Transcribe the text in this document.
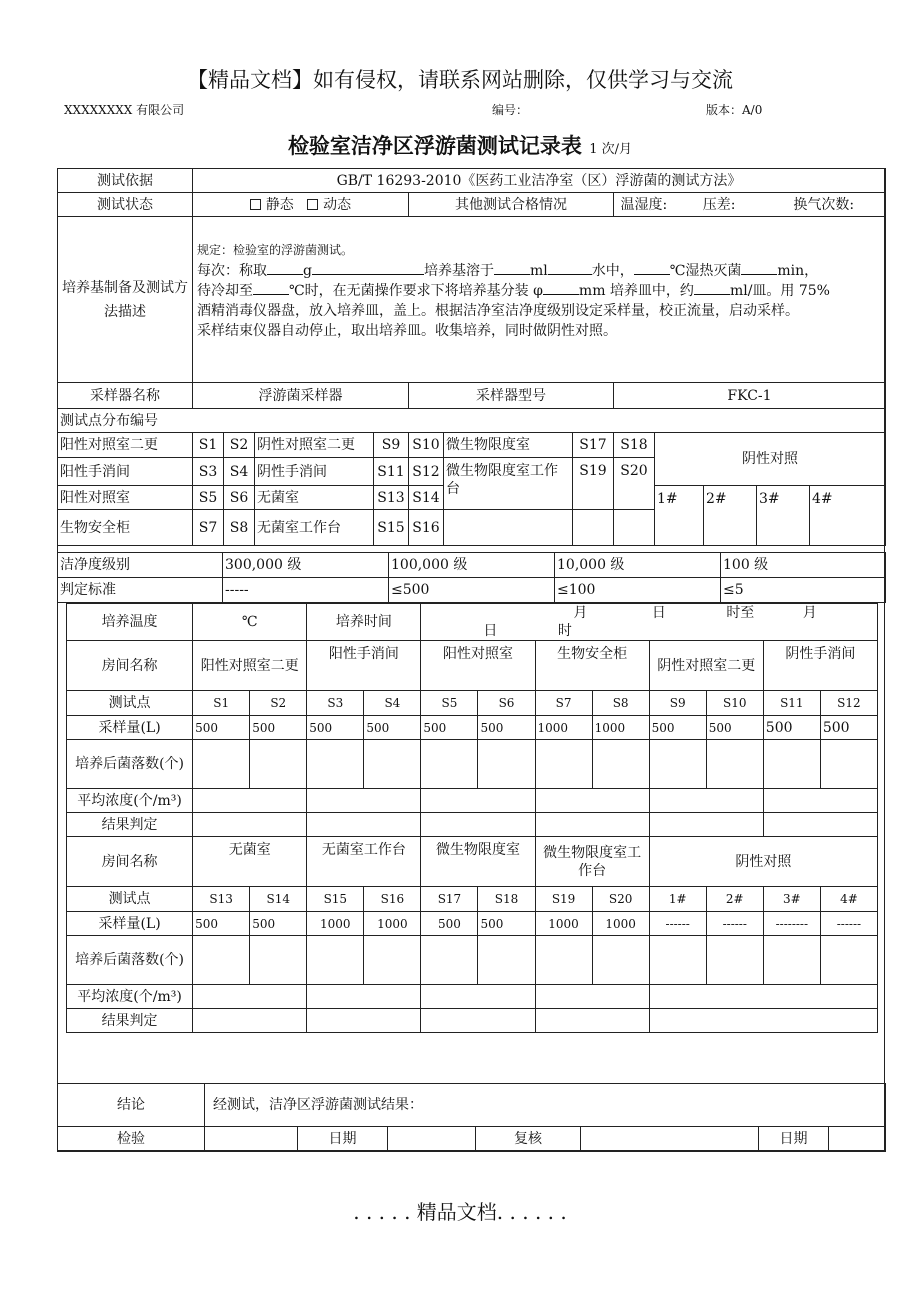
【精品文档】如有侵权，请联系网站删除，仅供学习与交流
XXXXXXXX 有限公司	编号：	版本：A/0
检验室洁净区浮游菌测试记录表 1 次/月
测试依据	GB/T 16293-2010《医药工业洁净室（区）浮游菌的测试方法》											
测试状态	静态 动态				其他测试合格情况			温湿度: 压差: 换气次数:				
培养基制备及测试方法描述	规定：检验室的浮游菌测试。
每次：称取 g 培养基溶于 ml 水中， ℃湿热灭菌 min，
待冷却至 ℃时，在无菌操作要求下将培养基分装 φ mm 培养皿中，约 ml/皿。用 75%
酒精消毒仪器盘，放入培养皿，盖上。根据洁净室洁净度级别设定采样量，校正流量，启动采样。
采样结束仪器自动停止，取出培养皿。收集培养，同时做阴性对照。											

采样器名称	浮游菌采样器				采样器型号			FKC-1				
测试点分布编号												
阳性对照室二更	S1	S2	阴性对照室二更	S9	S10	微生物限度室	S17	S18	阴性对照			
阳性手消间	S3	S4	阴性手消间	S11	S12	微生物限度室工作台	S19	S20				
阳性对照室	S5	S6	无菌室	S13	S14				1#	2#	3#	4#
生物安全柜	S7	S8	无菌室工作台	S15	S16							
洁净度级别	300,000 级	100,000 级	10,000 级	100 级
判定标准	-----	≤500	≤100	≤5
培养温度	℃		培养时间		月 日 时至 月 日 时							
房间名称	阳性对照室二更		阳性手消间		阳性对照室		生物安全柜		阴性对照室二更		阴性手消间	
测试点	S1	S2	S3	S4	S5	S6	S7	S8	S9	S10	S11	S12
采样量(L)	500	500	500	500	500	500	1000	1000	500	500	500	500
培养后菌落数(个)												
平均浓度(个/m³)												
结果判定												
房间名称	无菌室		无菌室工作台		微生物限度室		微生物限度室工作台		阴性对照			
测试点	S13	S14	S15	S16	S17	S18	S19	S20	1#	2#	3#	4#
采样量(L)	500	500	1000	1000	500	500	1000	1000	------	------	--------	------
培养后菌落数(个)												
平均浓度(个/m³)												
结果判定												
结论	经测试，洁净区浮游菌测试结果：						
检验		日期		复核		日期	
. . . . . 精品文档. . . . . .
